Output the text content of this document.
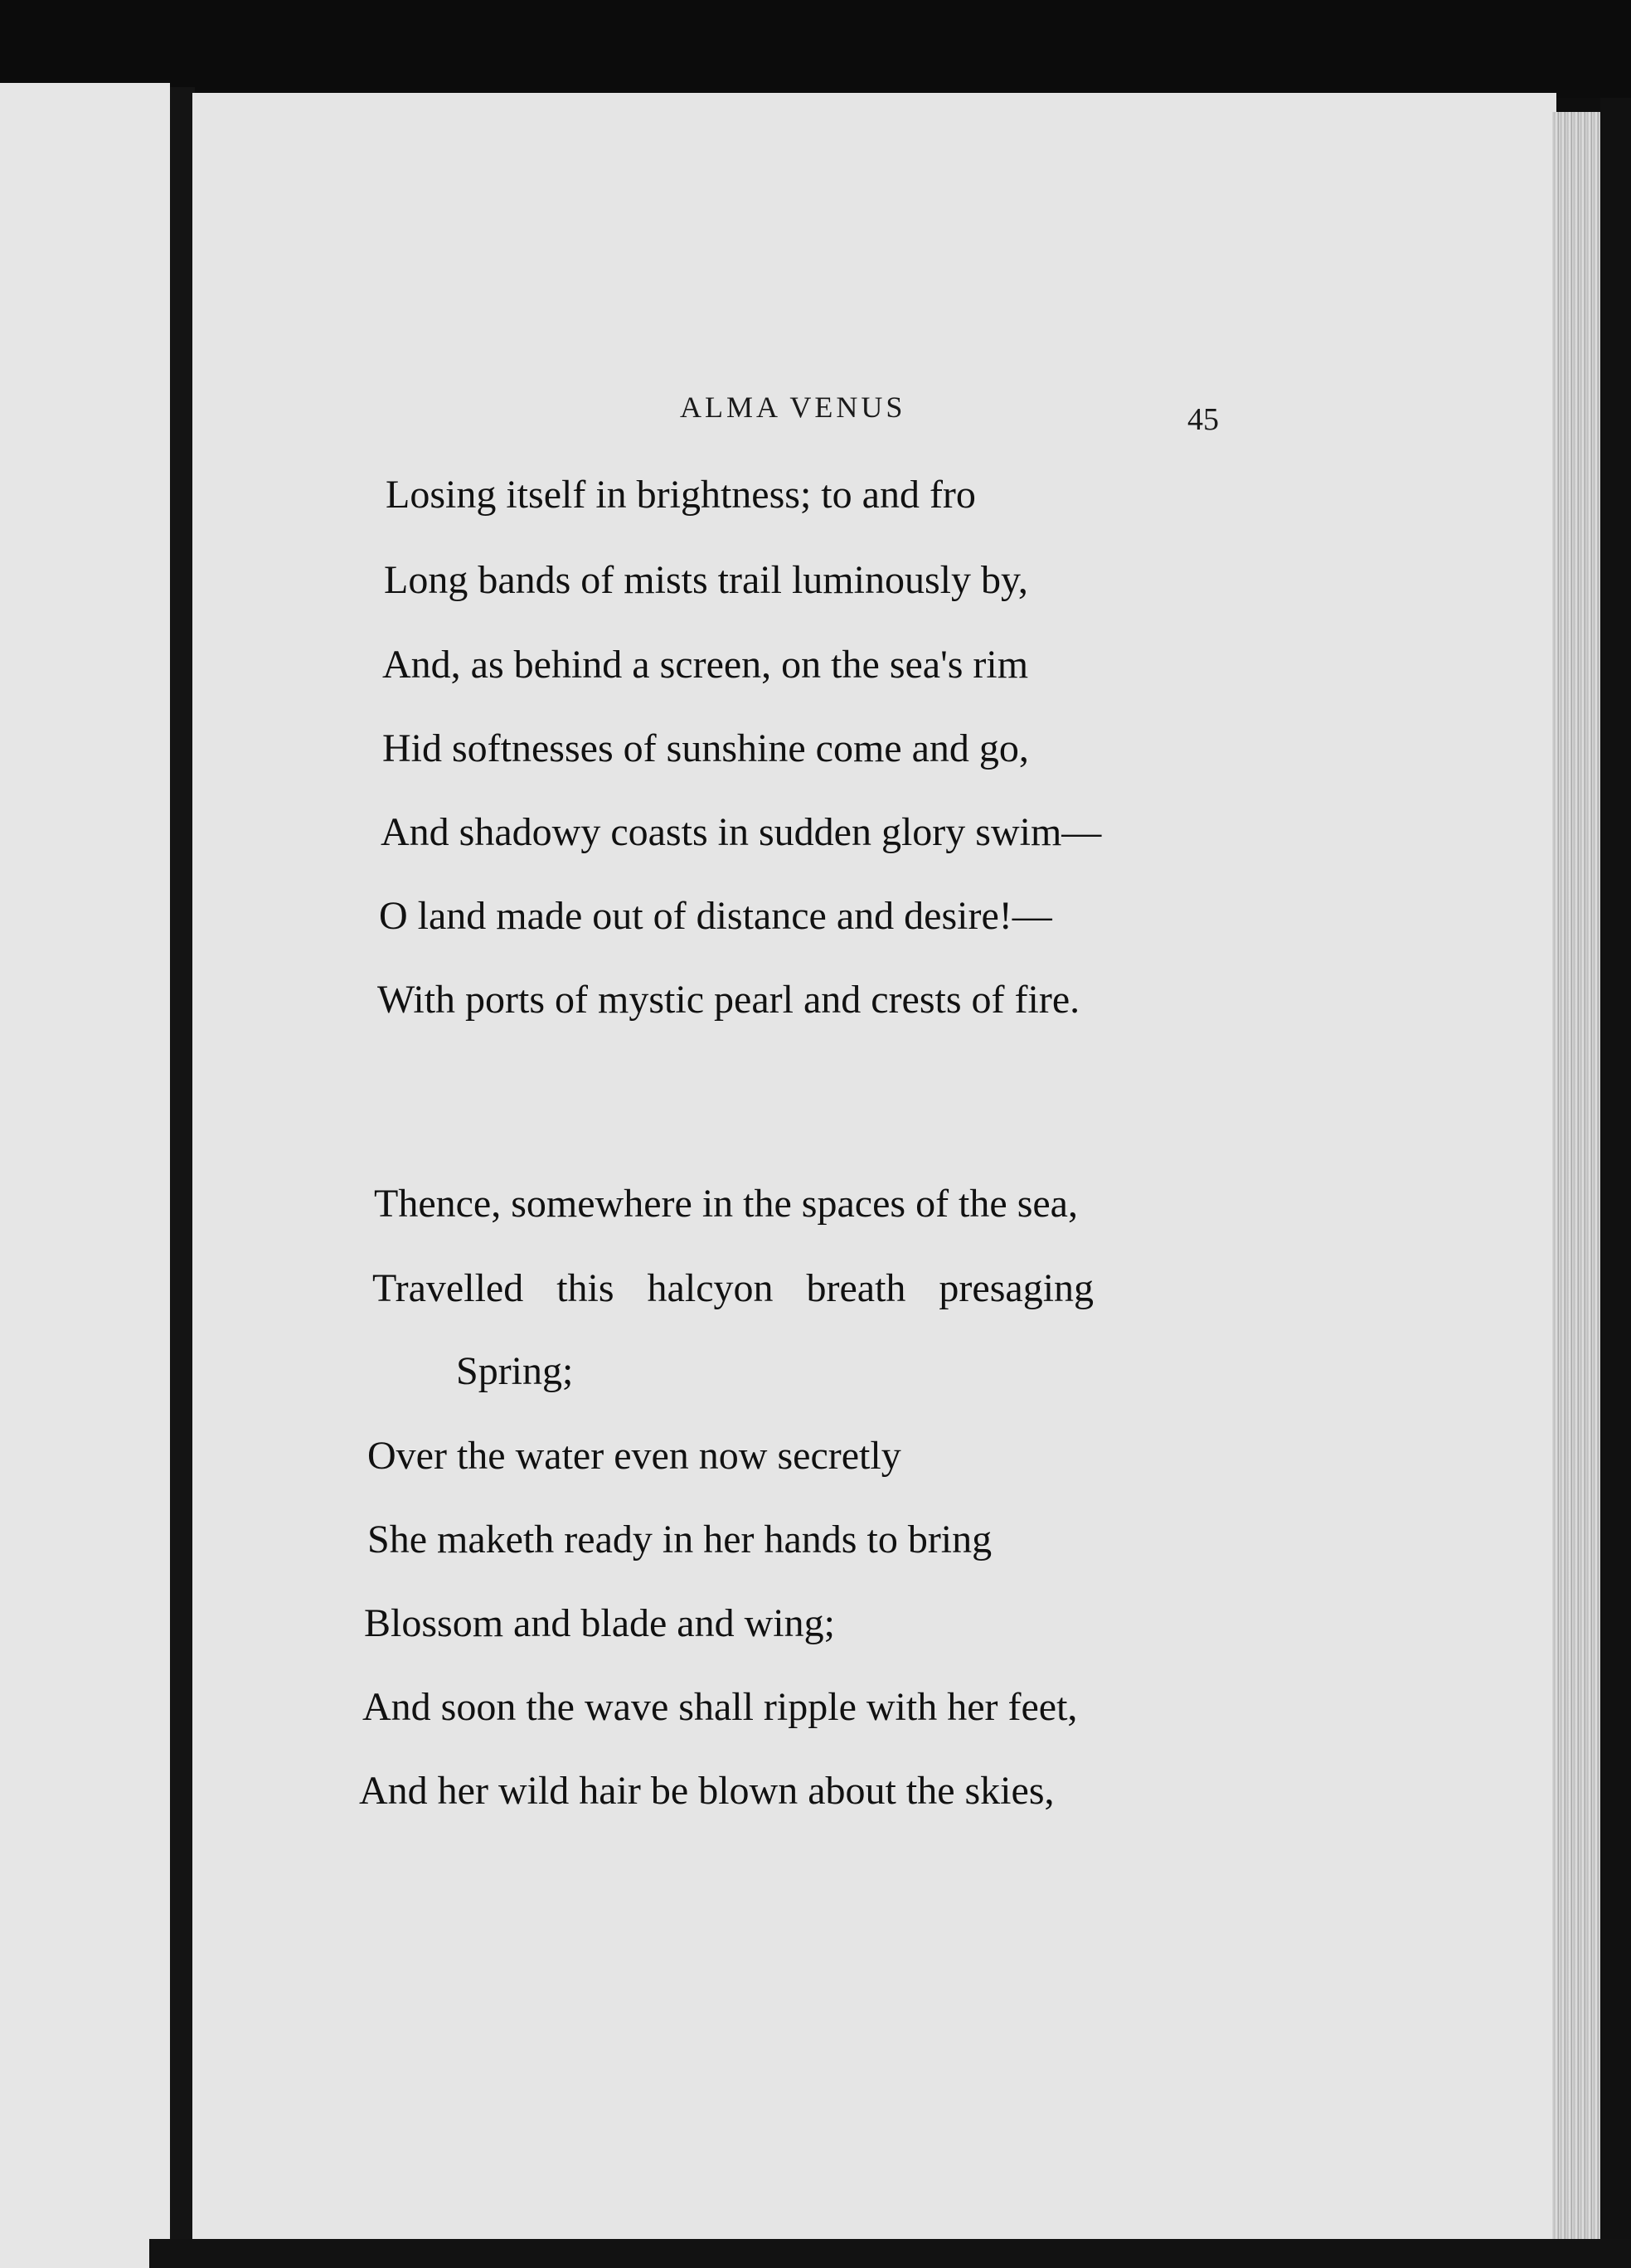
ALMA VENUS	45
Losing itself in brightness; to and fro
Long bands of mists trail luminously by,
And, as behind a screen, on the sea's rim
Hid softnesses of sunshine come and go,
And shadowy coasts in sudden glory swim—
O land made out of distance and desire!—
With ports of mystic pearl and crests of fire.
Thence, somewhere in the spaces of the sea,
Travelled this halcyon breath presaging
Spring;
Over the water even now secretly
She maketh ready in her hands to bring
Blossom and blade and wing;
And soon the wave shall ripple with her feet,
And her wild hair be blown about the skies,
